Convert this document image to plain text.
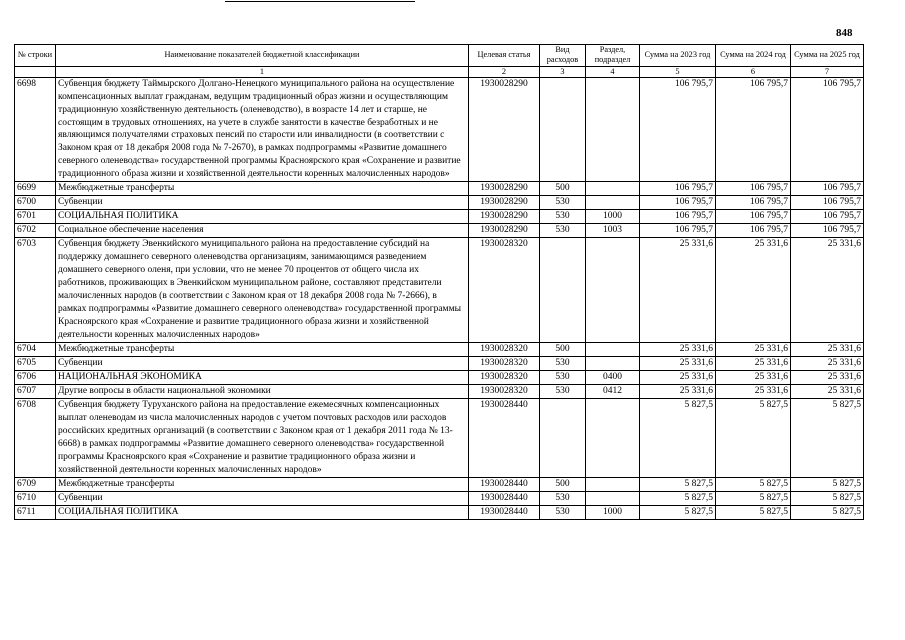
848
№ строки	Наименование показателей бюджетной классификации	Целевая статья	Вид расходов	Раздел, подраздел	Сумма на 2023 год	Сумма на 2024 год	Сумма на 2025 год
	1	2	3	4	5	6	7
6698	Субвенция бюджету Таймырского Долгано-Ненецкого муниципального района на осуществление компенсационных выплат гражданам, ведущим традиционный образ жизни и осуществляющим традиционную хозяйственную деятельность (оленеводство), в возрасте 14 лет и старше, не состоящим в трудовых отношениях, на учете в службе занятости в качестве безработных и не являющимся получателями страховых пенсий по старости или инвалидности (в соответствии с Законом края от 18 декабря 2008 года № 7-2670), в рамках подпрограммы «Развитие домашнего северного оленеводства» государственной программы Красноярского края «Сохранение и развитие традиционного образа жизни и хозяйственной деятельности коренных малочисленных народов»	1930028290			106 795,7	106 795,7	106 795,7
6699	Межбюджетные трансферты	1930028290	500		106 795,7	106 795,7	106 795,7
6700	Субвенции	1930028290	530		106 795,7	106 795,7	106 795,7
6701	СОЦИАЛЬНАЯ ПОЛИТИКА	1930028290	530	1000	106 795,7	106 795,7	106 795,7
6702	Социальное обеспечение населения	1930028290	530	1003	106 795,7	106 795,7	106 795,7
6703	Субвенция бюджету Эвенкийского муниципального района на предоставление субсидий на поддержку домашнего северного оленеводства организациям, занимающимся разведением домашнего северного оленя, при условии, что не менее 70 процентов от общего числа их работников, проживающих в Эвенкийском муниципальном районе, составляют представители малочисленных народов (в соответствии с Законом края от 18 декабря 2008 года № 7-2666), в рамках подпрограммы «Развитие домашнего северного оленеводства» государственной программы Красноярского края «Сохранение и развитие традиционного образа жизни и хозяйственной деятельности коренных малочисленных народов»	1930028320			25 331,6	25 331,6	25 331,6
6704	Межбюджетные трансферты	1930028320	500		25 331,6	25 331,6	25 331,6
6705	Субвенции	1930028320	530		25 331,6	25 331,6	25 331,6
6706	НАЦИОНАЛЬНАЯ ЭКОНОМИКА	1930028320	530	0400	25 331,6	25 331,6	25 331,6
6707	Другие вопросы в области национальной экономики	1930028320	530	0412	25 331,6	25 331,6	25 331,6
6708	Субвенция бюджету Туруханского района на предоставление ежемесячных компенсационных выплат оленеводам из числа малочисленных народов с учетом почтовых расходов или расходов российских кредитных организаций (в соответствии с Законом края от 1 декабря 2011 года № 13-6668) в рамках подпрограммы «Развитие домашнего северного оленеводства» государственной программы Красноярского края «Сохранение и развитие традиционного образа жизни и хозяйственной деятельности коренных малочисленных народов»	1930028440			5 827,5	5 827,5	5 827,5
6709	Межбюджетные трансферты	1930028440	500		5 827,5	5 827,5	5 827,5
6710	Субвенции	1930028440	530		5 827,5	5 827,5	5 827,5
6711	СОЦИАЛЬНАЯ ПОЛИТИКА	1930028440	530	1000	5 827,5	5 827,5	5 827,5
